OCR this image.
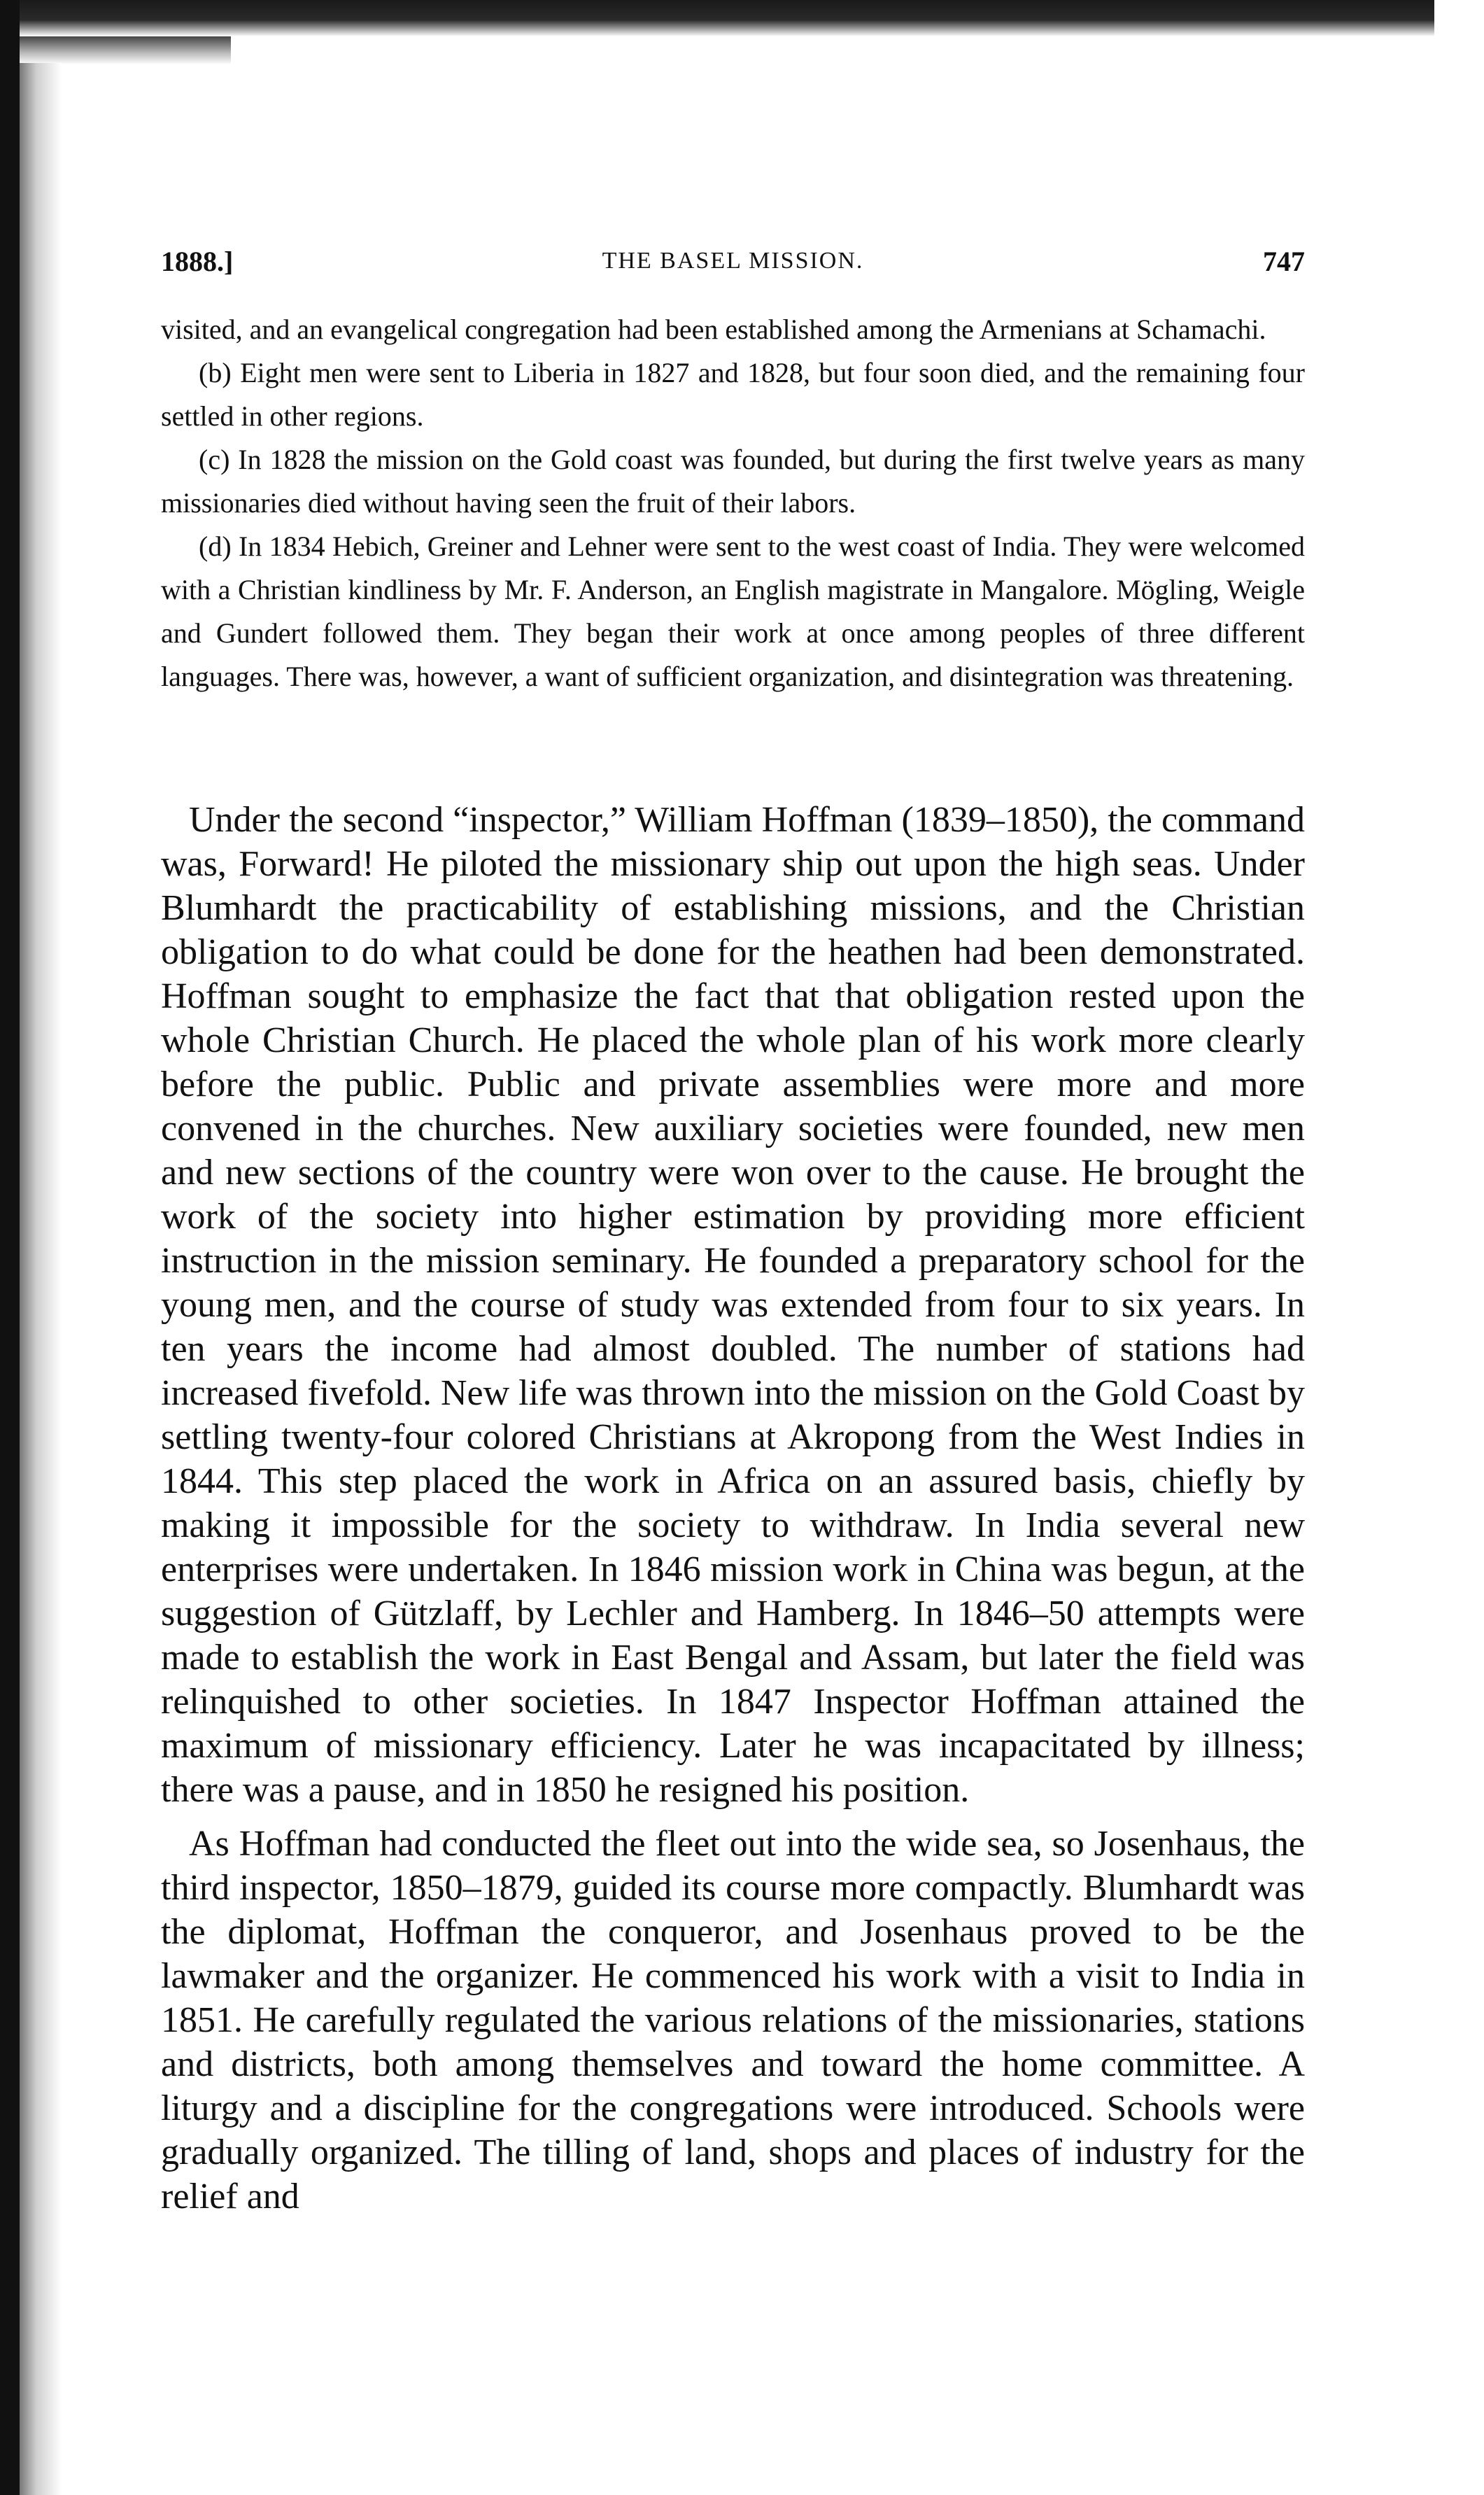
1888.]	THE BASEL MISSION.	747

visited, and an evangelical congregation had been established among the Armenians at Schamachi.

(b) Eight men were sent to Liberia in 1827 and 1828, but four soon died, and the remaining four settled in other regions.

(c) In 1828 the mission on the Gold coast was founded, but during the first twelve years as many missionaries died without having seen the fruit of their labors.

(d) In 1834 Hebich, Greiner and Lehner were sent to the west coast of India. They were welcomed with a Christian kindliness by Mr. F. Anderson, an English magistrate in Mangalore. Mögling, Weigle and Gundert followed them. They began their work at once among peoples of three different languages. There was, however, a want of sufficient organization, and disintegration was threatening.

Under the second “inspector,” William Hoffman (1839–1850), the command was, Forward! He piloted the missionary ship out upon the high seas. Under Blumhardt the practicability of establishing missions, and the Christian obligation to do what could be done for the heathen had been demonstrated. Hoffman sought to emphasize the fact that that obligation rested upon the whole Christian Church. He placed the whole plan of his work more clearly before the public. Public and private assemblies were more and more convened in the churches. New auxiliary societies were founded, new men and new sections of the country were won over to the cause. He brought the work of the society into higher estimation by providing more efficient instruction in the mission seminary. He founded a preparatory school for the young men, and the course of study was extended from four to six years. In ten years the income had almost doubled. The number of stations had increased fivefold. New life was thrown into the mission on the Gold Coast by settling twenty-four colored Christians at Akropong from the West Indies in 1844. This step placed the work in Africa on an assured basis, chiefly by making it impossible for the society to withdraw. In India several new enterprises were undertaken. In 1846 mission work in China was begun, at the suggestion of Gützlaff, by Lechler and Hamberg. In 1846–50 attempts were made to establish the work in East Bengal and Assam, but later the field was relinquished to other societies. In 1847 Inspector Hoffman attained the maximum of missionary efficiency. Later he was incapacitated by illness; there was a pause, and in 1850 he resigned his position.

As Hoffman had conducted the fleet out into the wide sea, so Josenhaus, the third inspector, 1850–1879, guided its course more compactly. Blumhardt was the diplomat, Hoffman the conqueror, and Josenhaus proved to be the lawmaker and the organizer. He commenced his work with a visit to India in 1851. He carefully regulated the various relations of the missionaries, stations and districts, both among themselves and toward the home committee. A liturgy and a discipline for the congregations were introduced. Schools were gradually organized. The tilling of land, shops and places of industry for the relief and
